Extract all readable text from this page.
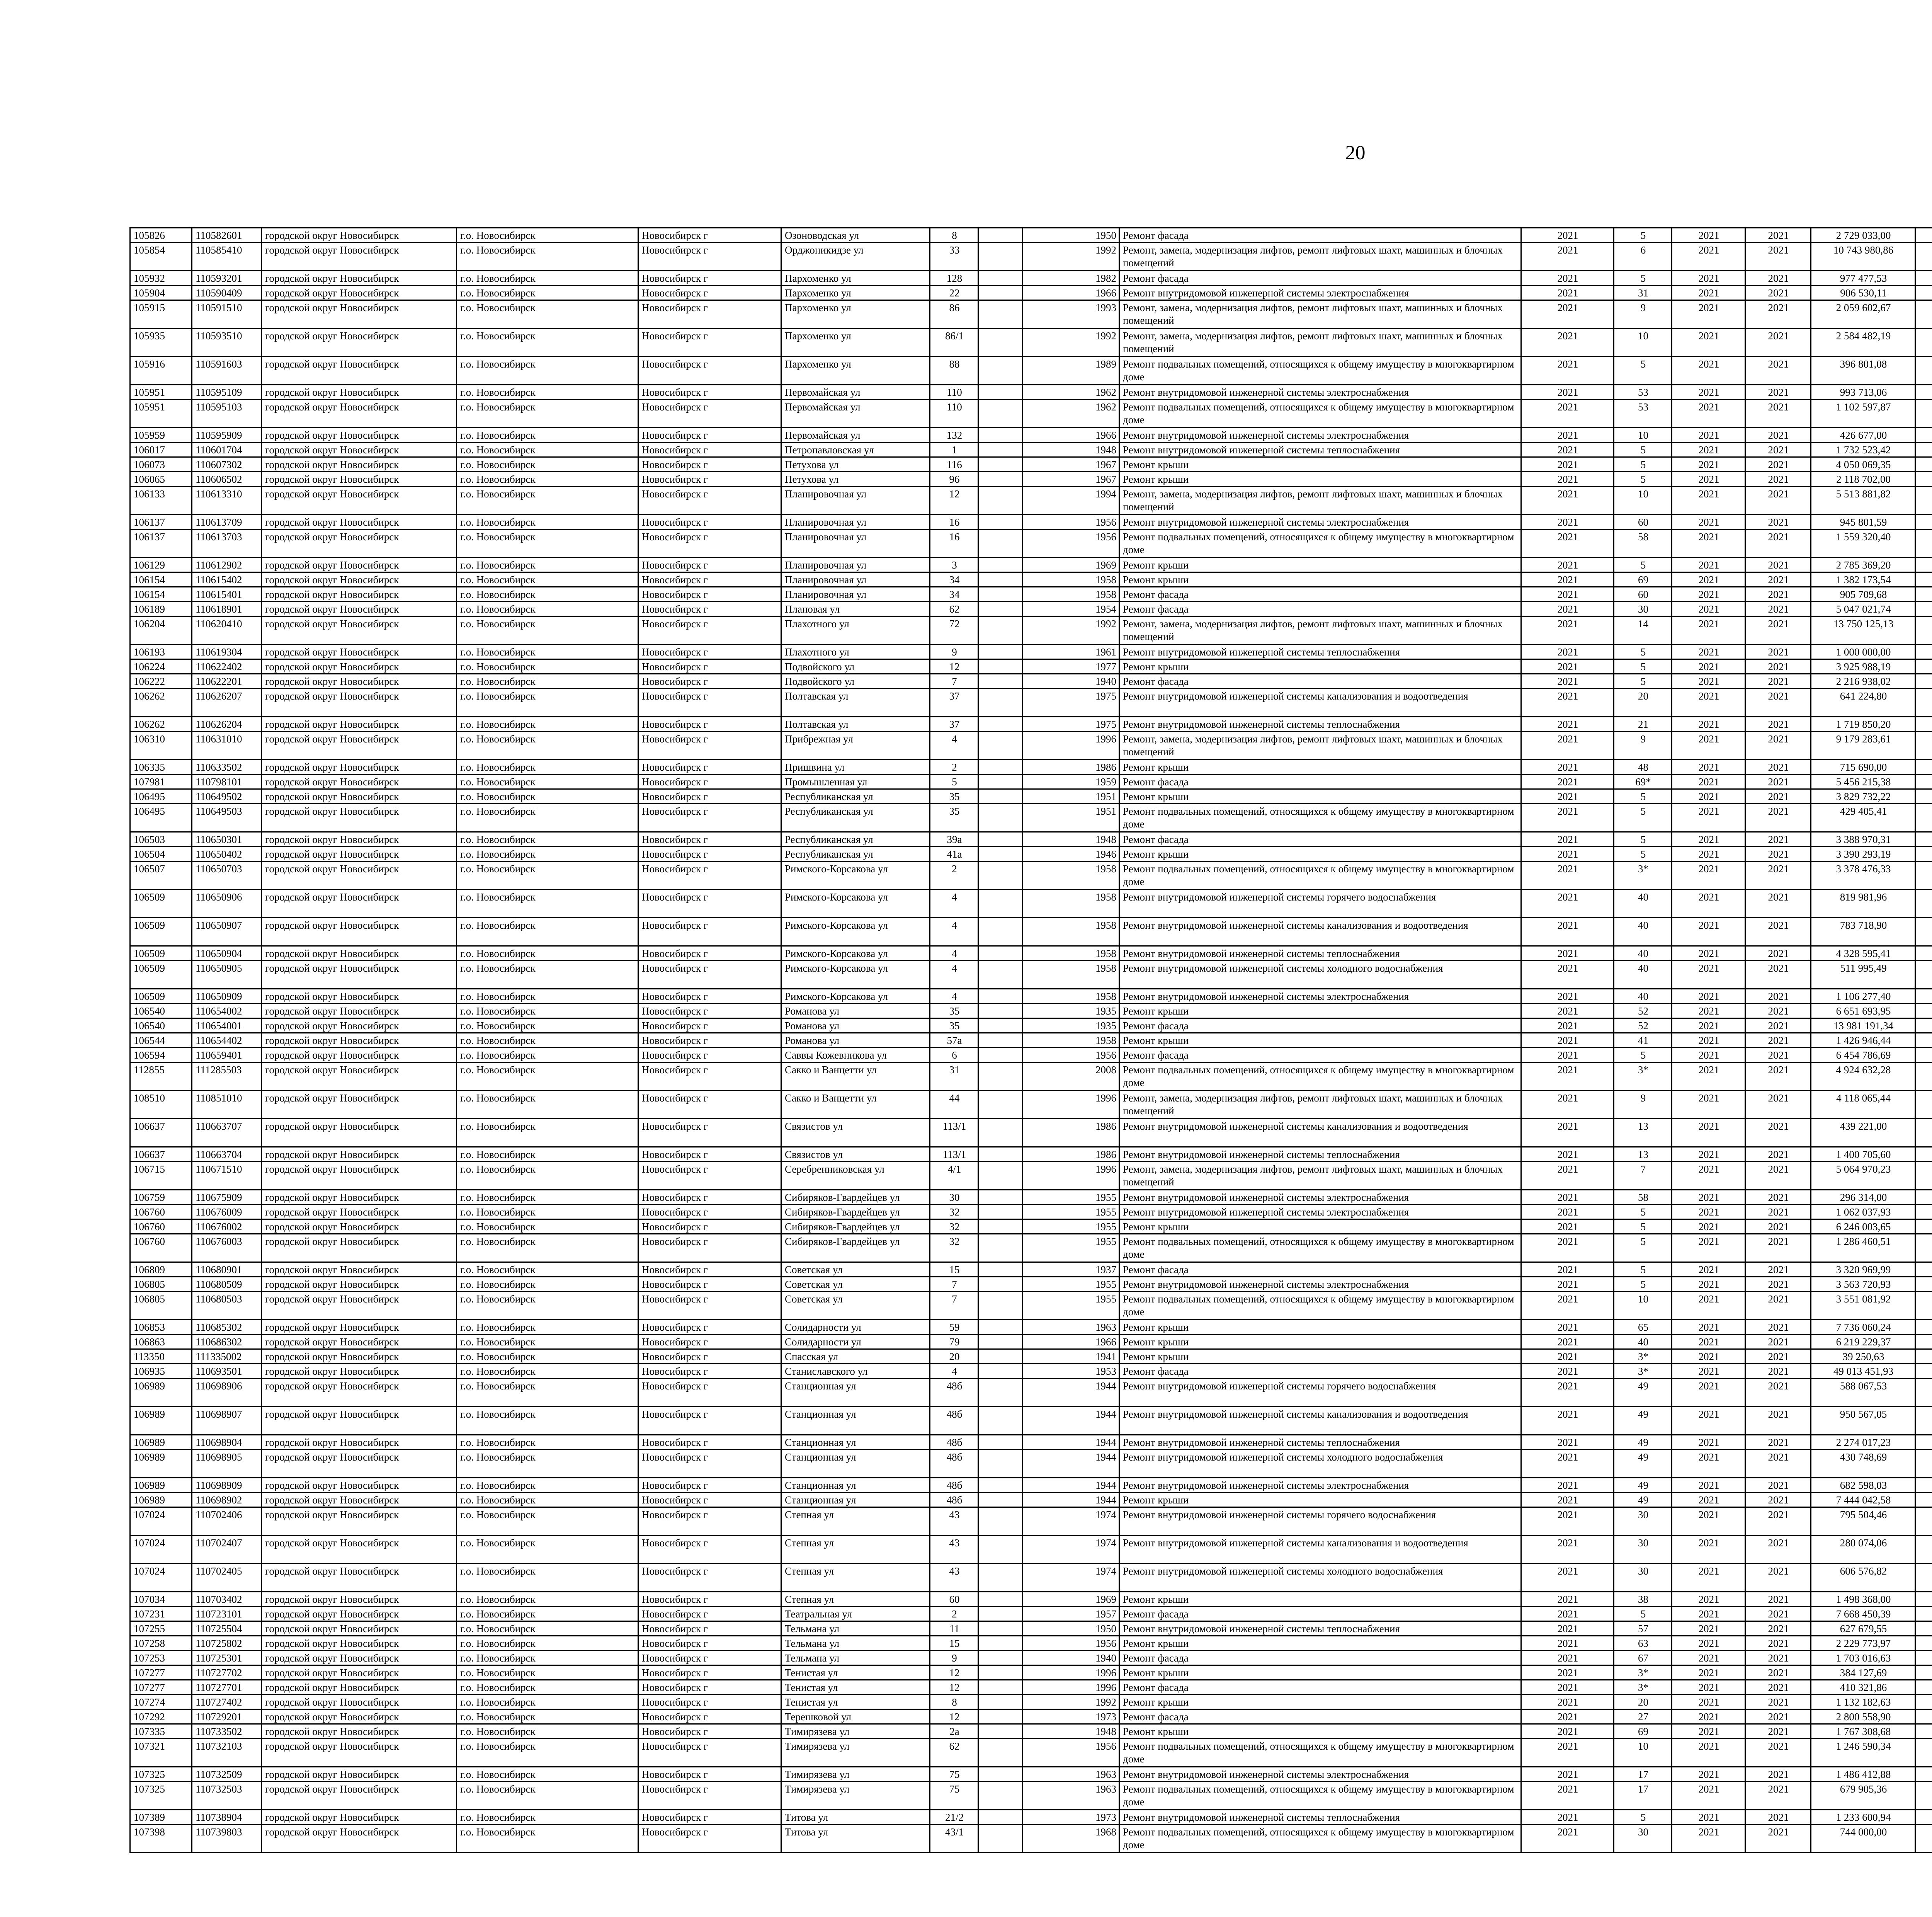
20
105826	110582601	городской округ Новосибирск	г.о. Новосибирск	Новосибирск г	Озоноводская ул	8		1950	Ремонт фасада	2021	5	2021	2021	2 729 033,00							
105854	110585410	городской округ Новосибирск	г.о. Новосибирск	Новосибирск г	Орджоникидзе ул	33		1992	Ремонт, замена, модернизация лифтов, ремонт лифтовых шахт, машинных и блочных помещений	2021	6	2021	2021	10 743 980,86							
105932	110593201	городской округ Новосибирск	г.о. Новосибирск	Новосибирск г	Пархоменко ул	128		1982	Ремонт фасада	2021	5	2021	2021	977 477,53							
105904	110590409	городской округ Новосибирск	г.о. Новосибирск	Новосибирск г	Пархоменко ул	22		1966	Ремонт внутридомовой инженерной системы электроснабжения	2021	31	2021	2021	906 530,11							
105915	110591510	городской округ Новосибирск	г.о. Новосибирск	Новосибирск г	Пархоменко ул	86		1993	Ремонт, замена, модернизация лифтов, ремонт лифтовых шахт, машинных и блочных помещений	2021	9	2021	2021	2 059 602,67							
105935	110593510	городской округ Новосибирск	г.о. Новосибирск	Новосибирск г	Пархоменко ул	86/1		1992	Ремонт, замена, модернизация лифтов, ремонт лифтовых шахт, машинных и блочных помещений	2021	10	2021	2021	2 584 482,19							
105916	110591603	городской округ Новосибирск	г.о. Новосибирск	Новосибирск г	Пархоменко ул	88		1989	Ремонт подвальных помещений, относящихся к общему имуществу в многоквартирном доме	2021	5	2021	2021	396 801,08							
105951	110595109	городской округ Новосибирск	г.о. Новосибирск	Новосибирск г	Первомайская ул	110		1962	Ремонт внутридомовой инженерной системы электроснабжения	2021	53	2021	2021	993 713,06							
105951	110595103	городской округ Новосибирск	г.о. Новосибирск	Новосибирск г	Первомайская ул	110		1962	Ремонт подвальных помещений, относящихся к общему имуществу в многоквартирном доме	2021	53	2021	2021	1 102 597,87							
105959	110595909	городской округ Новосибирск	г.о. Новосибирск	Новосибирск г	Первомайская ул	132		1966	Ремонт внутридомовой инженерной системы электроснабжения	2021	10	2021	2021	426 677,00							
106017	110601704	городской округ Новосибирск	г.о. Новосибирск	Новосибирск г	Петропавловская ул	1		1948	Ремонт внутридомовой инженерной системы теплоснабжения	2021	5	2021	2021	1 732 523,42							
106073	110607302	городской округ Новосибирск	г.о. Новосибирск	Новосибирск г	Петухова ул	116		1967	Ремонт крыши	2021	5	2021	2021	4 050 069,35							
106065	110606502	городской округ Новосибирск	г.о. Новосибирск	Новосибирск г	Петухова ул	96		1967	Ремонт крыши	2021	5	2021	2021	2 118 702,00							
106133	110613310	городской округ Новосибирск	г.о. Новосибирск	Новосибирск г	Планировочная ул	12		1994	Ремонт, замена, модернизация лифтов, ремонт лифтовых шахт, машинных и блочных помещений	2021	10	2021	2021	5 513 881,82							
106137	110613709	городской округ Новосибирск	г.о. Новосибирск	Новосибирск г	Планировочная ул	16		1956	Ремонт внутридомовой инженерной системы электроснабжения	2021	60	2021	2021	945 801,59							
106137	110613703	городской округ Новосибирск	г.о. Новосибирск	Новосибирск г	Планировочная ул	16		1956	Ремонт подвальных помещений, относящихся к общему имуществу в многоквартирном доме	2021	58	2021	2021	1 559 320,40							
106129	110612902	городской округ Новосибирск	г.о. Новосибирск	Новосибирск г	Планировочная ул	3		1969	Ремонт крыши	2021	5	2021	2021	2 785 369,20							
106154	110615402	городской округ Новосибирск	г.о. Новосибирск	Новосибирск г	Планировочная ул	34		1958	Ремонт крыши	2021	69	2021	2021	1 382 173,54							
106154	110615401	городской округ Новосибирск	г.о. Новосибирск	Новосибирск г	Планировочная ул	34		1958	Ремонт фасада	2021	60	2021	2021	905 709,68							
106189	110618901	городской округ Новосибирск	г.о. Новосибирск	Новосибирск г	Плановая ул	62		1954	Ремонт фасада	2021	30	2021	2021	5 047 021,74							
106204	110620410	городской округ Новосибирск	г.о. Новосибирск	Новосибирск г	Плахотного ул	72		1992	Ремонт, замена, модернизация лифтов, ремонт лифтовых шахт, машинных и блочных помещений	2021	14	2021	2021	13 750 125,13							
106193	110619304	городской округ Новосибирск	г.о. Новосибирск	Новосибирск г	Плахотного ул	9		1961	Ремонт внутридомовой инженерной системы теплоснабжения	2021	5	2021	2021	1 000 000,00							
106224	110622402	городской округ Новосибирск	г.о. Новосибирск	Новосибирск г	Подвойского ул	12		1977	Ремонт крыши	2021	5	2021	2021	3 925 988,19							
106222	110622201	городской округ Новосибирск	г.о. Новосибирск	Новосибирск г	Подвойского ул	7		1940	Ремонт фасада	2021	5	2021	2021	2 216 938,02							
106262	110626207	городской округ Новосибирск	г.о. Новосибирск	Новосибирск г	Полтавская ул	37		1975	Ремонт внутридомовой инженерной системы канализования и водоотведения	2021	20	2021	2021	641 224,80							
106262	110626204	городской округ Новосибирск	г.о. Новосибирск	Новосибирск г	Полтавская ул	37		1975	Ремонт внутридомовой инженерной системы теплоснабжения	2021	21	2021	2021	1 719 850,20							
106310	110631010	городской округ Новосибирск	г.о. Новосибирск	Новосибирск г	Прибрежная ул	4		1996	Ремонт, замена, модернизация лифтов, ремонт лифтовых шахт, машинных и блочных помещений	2021	9	2021	2021	9 179 283,61							
106335	110633502	городской округ Новосибирск	г.о. Новосибирск	Новосибирск г	Пришвина ул	2		1986	Ремонт крыши	2021	48	2021	2021	715 690,00							
107981	110798101	городской округ Новосибирск	г.о. Новосибирск	Новосибирск г	Промышленная ул	5		1959	Ремонт фасада	2021	69*	2021	2021	5 456 215,38							
106495	110649502	городской округ Новосибирск	г.о. Новосибирск	Новосибирск г	Республиканская ул	35		1951	Ремонт крыши	2021	5	2021	2021	3 829 732,22							
106495	110649503	городской округ Новосибирск	г.о. Новосибирск	Новосибирск г	Республиканская ул	35		1951	Ремонт подвальных помещений, относящихся к общему имуществу в многоквартирном доме	2021	5	2021	2021	429 405,41							
106503	110650301	городской округ Новосибирск	г.о. Новосибирск	Новосибирск г	Республиканская ул	39а		1948	Ремонт фасада	2021	5	2021	2021	3 388 970,31							
106504	110650402	городской округ Новосибирск	г.о. Новосибирск	Новосибирск г	Республиканская ул	41а		1946	Ремонт крыши	2021	5	2021	2021	3 390 293,19							
106507	110650703	городской округ Новосибирск	г.о. Новосибирск	Новосибирск г	Римского-Корсакова ул	2		1958	Ремонт подвальных помещений, относящихся к общему имуществу в многоквартирном доме	2021	3*	2021	2021	3 378 476,33							
106509	110650906	городской округ Новосибирск	г.о. Новосибирск	Новосибирск г	Римского-Корсакова ул	4		1958	Ремонт внутридомовой инженерной системы горячего водоснабжения	2021	40	2021	2021	819 981,96							
106509	110650907	городской округ Новосибирск	г.о. Новосибирск	Новосибирск г	Римского-Корсакова ул	4		1958	Ремонт внутридомовой инженерной системы канализования и водоотведения	2021	40	2021	2021	783 718,90							
106509	110650904	городской округ Новосибирск	г.о. Новосибирск	Новосибирск г	Римского-Корсакова ул	4		1958	Ремонт внутридомовой инженерной системы теплоснабжения	2021	40	2021	2021	4 328 595,41							
106509	110650905	городской округ Новосибирск	г.о. Новосибирск	Новосибирск г	Римского-Корсакова ул	4		1958	Ремонт внутридомовой инженерной системы холодного водоснабжения	2021	40	2021	2021	511 995,49							
106509	110650909	городской округ Новосибирск	г.о. Новосибирск	Новосибирск г	Римского-Корсакова ул	4		1958	Ремонт внутридомовой инженерной системы электроснабжения	2021	40	2021	2021	1 106 277,40							
106540	110654002	городской округ Новосибирск	г.о. Новосибирск	Новосибирск г	Романова ул	35		1935	Ремонт крыши	2021	52	2021	2021	6 651 693,95							
106540	110654001	городской округ Новосибирск	г.о. Новосибирск	Новосибирск г	Романова ул	35		1935	Ремонт фасада	2021	52	2021	2021	13 981 191,34							
106544	110654402	городской округ Новосибирск	г.о. Новосибирск	Новосибирск г	Романова ул	57а		1958	Ремонт крыши	2021	41	2021	2021	1 426 946,44							
106594	110659401	городской округ Новосибирск	г.о. Новосибирск	Новосибирск г	Саввы Кожевникова ул	6		1956	Ремонт фасада	2021	5	2021	2021	6 454 786,69							
112855	111285503	городской округ Новосибирск	г.о. Новосибирск	Новосибирск г	Сакко и Ванцетти ул	31		2008	Ремонт подвальных помещений, относящихся к общему имуществу в многоквартирном доме	2021	3*	2021	2021	4 924 632,28							
108510	110851010	городской округ Новосибирск	г.о. Новосибирск	Новосибирск г	Сакко и Ванцетти ул	44		1996	Ремонт, замена, модернизация лифтов, ремонт лифтовых шахт, машинных и блочных помещений	2021	9	2021	2021	4 118 065,44							
106637	110663707	городской округ Новосибирск	г.о. Новосибирск	Новосибирск г	Связистов ул	113/1		1986	Ремонт внутридомовой инженерной системы канализования и водоотведения	2021	13	2021	2021	439 221,00							
106637	110663704	городской округ Новосибирск	г.о. Новосибирск	Новосибирск г	Связистов ул	113/1		1986	Ремонт внутридомовой инженерной системы теплоснабжения	2021	13	2021	2021	1 400 705,60							
106715	110671510	городской округ Новосибирск	г.о. Новосибирск	Новосибирск г	Серебренниковская ул	4/1		1996	Ремонт, замена, модернизация лифтов, ремонт лифтовых шахт, машинных и блочных помещений	2021	7	2021	2021	5 064 970,23							
106759	110675909	городской округ Новосибирск	г.о. Новосибирск	Новосибирск г	Сибиряков-Гвардейцев ул	30		1955	Ремонт внутридомовой инженерной системы электроснабжения	2021	58	2021	2021	296 314,00							
106760	110676009	городской округ Новосибирск	г.о. Новосибирск	Новосибирск г	Сибиряков-Гвардейцев ул	32		1955	Ремонт внутридомовой инженерной системы электроснабжения	2021	5	2021	2021	1 062 037,93							
106760	110676002	городской округ Новосибирск	г.о. Новосибирск	Новосибирск г	Сибиряков-Гвардейцев ул	32		1955	Ремонт крыши	2021	5	2021	2021	6 246 003,65							
106760	110676003	городской округ Новосибирск	г.о. Новосибирск	Новосибирск г	Сибиряков-Гвардейцев ул	32		1955	Ремонт подвальных помещений, относящихся к общему имуществу в многоквартирном доме	2021	5	2021	2021	1 286 460,51							
106809	110680901	городской округ Новосибирск	г.о. Новосибирск	Новосибирск г	Советская ул	15		1937	Ремонт фасада	2021	5	2021	2021	3 320 969,99							
106805	110680509	городской округ Новосибирск	г.о. Новосибирск	Новосибирск г	Советская ул	7		1955	Ремонт внутридомовой инженерной системы электроснабжения	2021	5	2021	2021	3 563 720,93							
106805	110680503	городской округ Новосибирск	г.о. Новосибирск	Новосибирск г	Советская ул	7		1955	Ремонт подвальных помещений, относящихся к общему имуществу в многоквартирном доме	2021	10	2021	2021	3 551 081,92							
106853	110685302	городской округ Новосибирск	г.о. Новосибирск	Новосибирск г	Солидарности ул	59		1963	Ремонт крыши	2021	65	2021	2021	7 736 060,24							
106863	110686302	городской округ Новосибирск	г.о. Новосибирск	Новосибирск г	Солидарности ул	79		1966	Ремонт крыши	2021	40	2021	2021	6 219 229,37							
113350	111335002	городской округ Новосибирск	г.о. Новосибирск	Новосибирск г	Спасская ул	20		1941	Ремонт крыши	2021	3*	2021	2021	39 250,63							
106935	110693501	городской округ Новосибирск	г.о. Новосибирск	Новосибирск г	Станиславского ул	4		1953	Ремонт фасада	2021	3*	2021	2021	49 013 451,93							
106989	110698906	городской округ Новосибирск	г.о. Новосибирск	Новосибирск г	Станционная ул	48б		1944	Ремонт внутридомовой инженерной системы горячего водоснабжения	2021	49	2021	2021	588 067,53							
106989	110698907	городской округ Новосибирск	г.о. Новосибирск	Новосибирск г	Станционная ул	48б		1944	Ремонт внутридомовой инженерной системы канализования и водоотведения	2021	49	2021	2021	950 567,05							
106989	110698904	городской округ Новосибирск	г.о. Новосибирск	Новосибирск г	Станционная ул	48б		1944	Ремонт внутридомовой инженерной системы теплоснабжения	2021	49	2021	2021	2 274 017,23							
106989	110698905	городской округ Новосибирск	г.о. Новосибирск	Новосибирск г	Станционная ул	48б		1944	Ремонт внутридомовой инженерной системы холодного водоснабжения	2021	49	2021	2021	430 748,69							
106989	110698909	городской округ Новосибирск	г.о. Новосибирск	Новосибирск г	Станционная ул	48б		1944	Ремонт внутридомовой инженерной системы электроснабжения	2021	49	2021	2021	682 598,03							
106989	110698902	городской округ Новосибирск	г.о. Новосибирск	Новосибирск г	Станционная ул	48б		1944	Ремонт крыши	2021	49	2021	2021	7 444 042,58							
107024	110702406	городской округ Новосибирск	г.о. Новосибирск	Новосибирск г	Степная ул	43		1974	Ремонт внутридомовой инженерной системы горячего водоснабжения	2021	30	2021	2021	795 504,46							
107024	110702407	городской округ Новосибирск	г.о. Новосибирск	Новосибирск г	Степная ул	43		1974	Ремонт внутридомовой инженерной системы канализования и водоотведения	2021	30	2021	2021	280 074,06							
107024	110702405	городской округ Новосибирск	г.о. Новосибирск	Новосибирск г	Степная ул	43		1974	Ремонт внутридомовой инженерной системы холодного водоснабжения	2021	30	2021	2021	606 576,82							
107034	110703402	городской округ Новосибирск	г.о. Новосибирск	Новосибирск г	Степная ул	60		1969	Ремонт крыши	2021	38	2021	2021	1 498 368,00							
107231	110723101	городской округ Новосибирск	г.о. Новосибирск	Новосибирск г	Театральная ул	2		1957	Ремонт фасада	2021	5	2021	2021	7 668 450,39							
107255	110725504	городской округ Новосибирск	г.о. Новосибирск	Новосибирск г	Тельмана ул	11		1950	Ремонт внутридомовой инженерной системы теплоснабжения	2021	57	2021	2021	627 679,55							
107258	110725802	городской округ Новосибирск	г.о. Новосибирск	Новосибирск г	Тельмана ул	15		1956	Ремонт крыши	2021	63	2021	2021	2 229 773,97							
107253	110725301	городской округ Новосибирск	г.о. Новосибирск	Новосибирск г	Тельмана ул	9		1940	Ремонт фасада	2021	67	2021	2021	1 703 016,63							
107277	110727702	городской округ Новосибирск	г.о. Новосибирск	Новосибирск г	Тенистая ул	12		1996	Ремонт крыши	2021	3*	2021	2021	384 127,69							
107277	110727701	городской округ Новосибирск	г.о. Новосибирск	Новосибирск г	Тенистая ул	12		1996	Ремонт фасада	2021	3*	2021	2021	410 321,86							
107274	110727402	городской округ Новосибирск	г.о. Новосибирск	Новосибирск г	Тенистая ул	8		1992	Ремонт крыши	2021	20	2021	2021	1 132 182,63							
107292	110729201	городской округ Новосибирск	г.о. Новосибирск	Новосибирск г	Терешковой ул	12		1973	Ремонт фасада	2021	27	2021	2021	2 800 558,90							
107335	110733502	городской округ Новосибирск	г.о. Новосибирск	Новосибирск г	Тимирязева ул	2а		1948	Ремонт крыши	2021	69	2021	2021	1 767 308,68							
107321	110732103	городской округ Новосибирск	г.о. Новосибирск	Новосибирск г	Тимирязева ул	62		1956	Ремонт подвальных помещений, относящихся к общему имуществу в многоквартирном доме	2021	10	2021	2021	1 246 590,34							
107325	110732509	городской округ Новосибирск	г.о. Новосибирск	Новосибирск г	Тимирязева ул	75		1963	Ремонт внутридомовой инженерной системы электроснабжения	2021	17	2021	2021	1 486 412,88							
107325	110732503	городской округ Новосибирск	г.о. Новосибирск	Новосибирск г	Тимирязева ул	75		1963	Ремонт подвальных помещений, относящихся к общему имуществу в многоквартирном доме	2021	17	2021	2021	679 905,36							
107389	110738904	городской округ Новосибирск	г.о. Новосибирск	Новосибирск г	Титова ул	21/2		1973	Ремонт внутридомовой инженерной системы теплоснабжения	2021	5	2021	2021	1 233 600,94							
107398	110739803	городской округ Новосибирск	г.о. Новосибирск	Новосибирск г	Титова ул	43/1		1968	Ремонт подвальных помещений, относящихся к общему имуществу в многоквартирном доме	2021	30	2021	2021	744 000,00							
